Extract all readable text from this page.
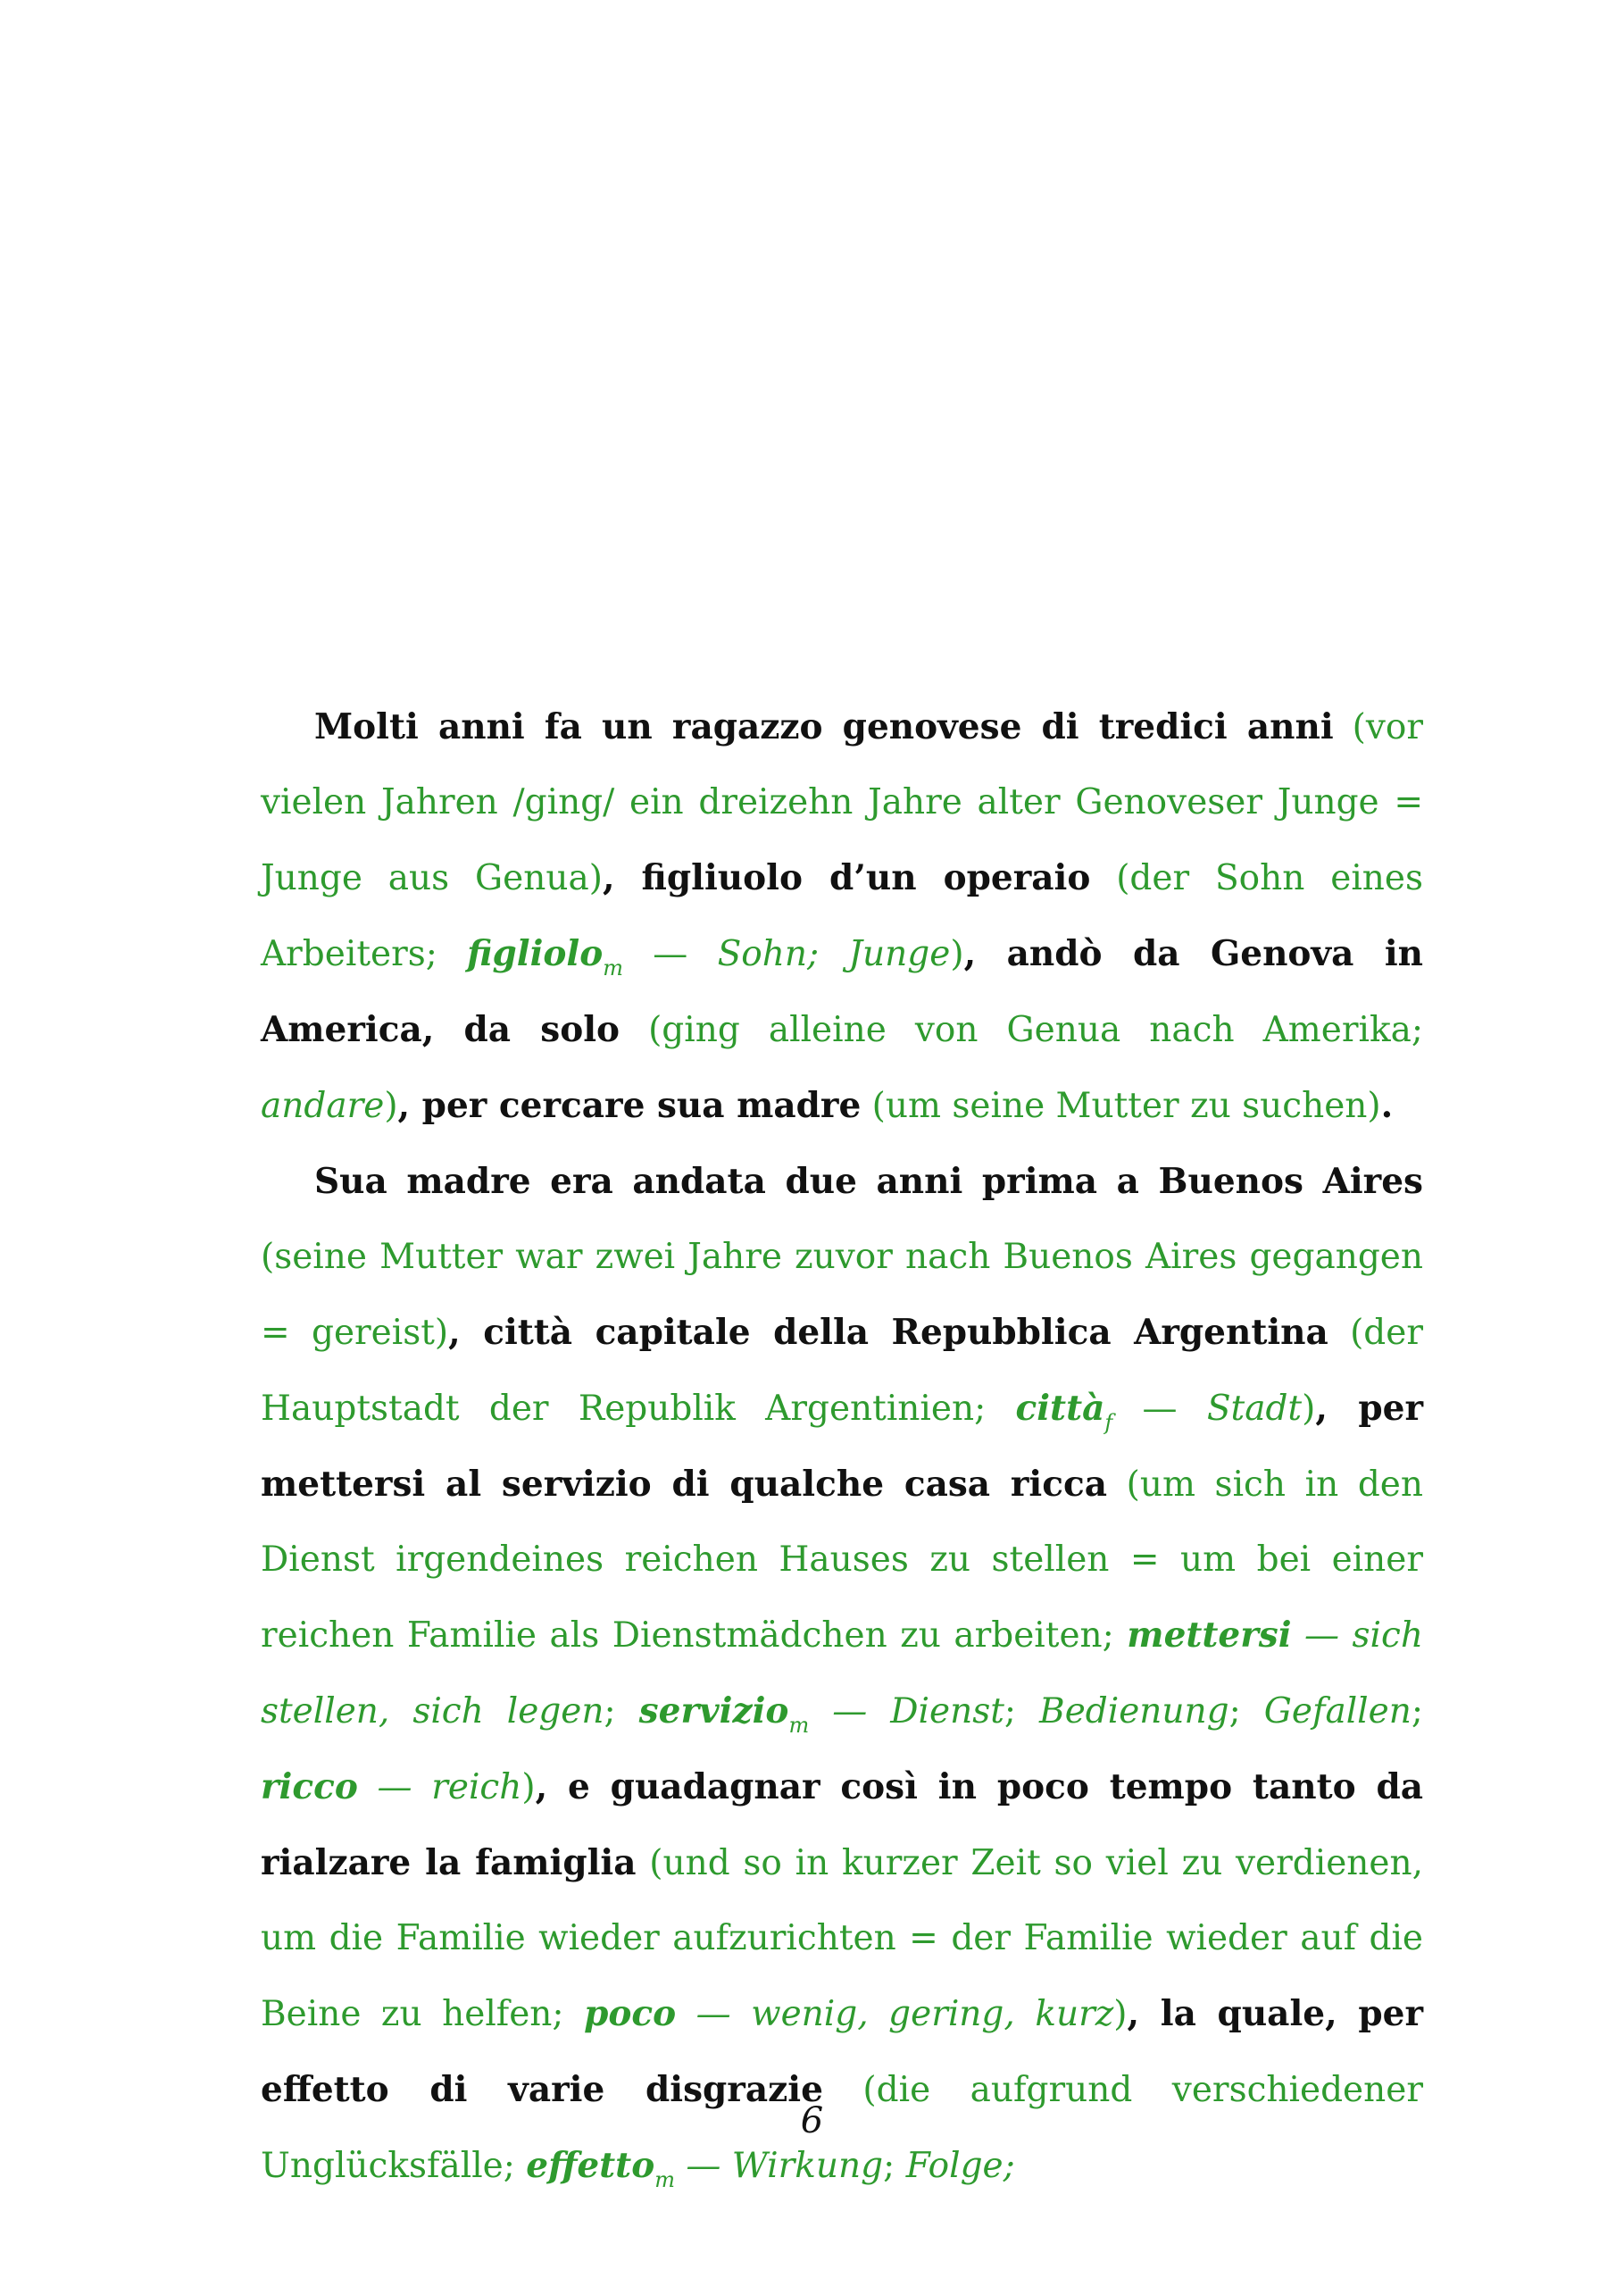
Molti anni fa un ragazzo genovese di tredici anni (vor vielen Jahren /ging/ ein dreizehn Jahre alter Genoveser Junge = Junge aus Genua), figliuolo d’un operaio (der Sohn eines Arbeiters; figliolo$_m$ — Sohn; Junge), andò da Genova in America, da solo (ging alleine von Genua nach Amerika; andare), per cercare sua madre (um seine Mutter zu suchen).

Sua madre era andata due anni prima a Buenos Aires (seine Mutter war zwei Jahre zuvor nach Buenos Aires gegangen = gereist), città capitale della Repubblica Argentina (der Hauptstadt der Republik Argentinien; città$_f$ — Stadt), per mettersi al servizio di qualche casa ricca (um sich in den Dienst irgendeines reichen Hauses zu stellen = um bei einer reichen Familie als Dienstmädchen zu arbeiten; mettersi — sich stellen, sich legen; servizio$_m$ — Dienst; Bedienung; Gefallen; ricco — reich), e guadagnar così in poco tempo tanto da rialzare la famiglia (und so in kurzer Zeit so viel zu verdienen, um die Familie wieder aufzurichten = der Familie wieder auf die Beine zu helfen; poco — wenig, gering, kurz), la quale, per effetto di varie disgrazie (die aufgrund verschiedener Unglücksfälle; effetto$_m$ — Wirkung; Folge;

6
